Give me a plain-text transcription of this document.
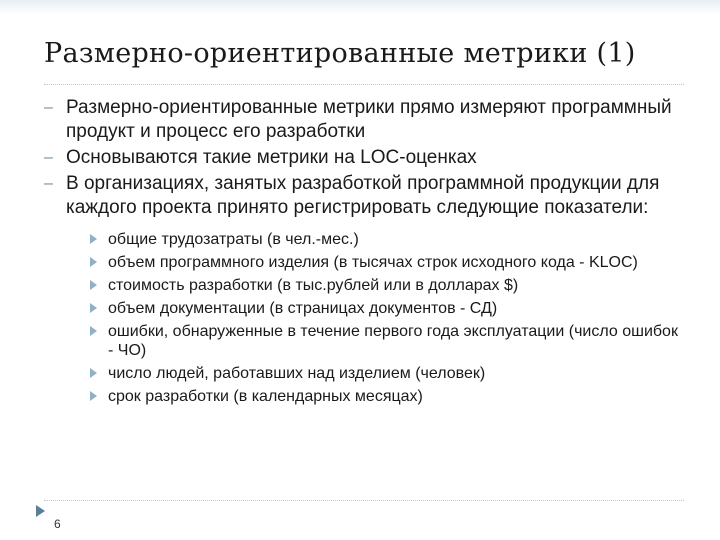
Размерно-ориентированные метрики (1)
– Размерно-ориентированные метрики прямо измеряют программный продукт и процесс его разработки
– Основываются такие метрики на LOC-оценках
– В организациях, занятых разработкой программной продукции для каждого проекта принято регистрировать следующие показатели:
общие трудозатраты (в чел.-мес.)
объем программного изделия (в тысячах строк исходного кода - KLOC)
стоимость разработки (в тыс.рублей или в долларах $)
объем документации (в страницах документов - СД)
ошибки, обнаруженные в течение первого года эксплуатации (число ошибок - ЧО)
число людей, работавших над изделием (человек)
срок разработки (в календарных месяцах)
6
